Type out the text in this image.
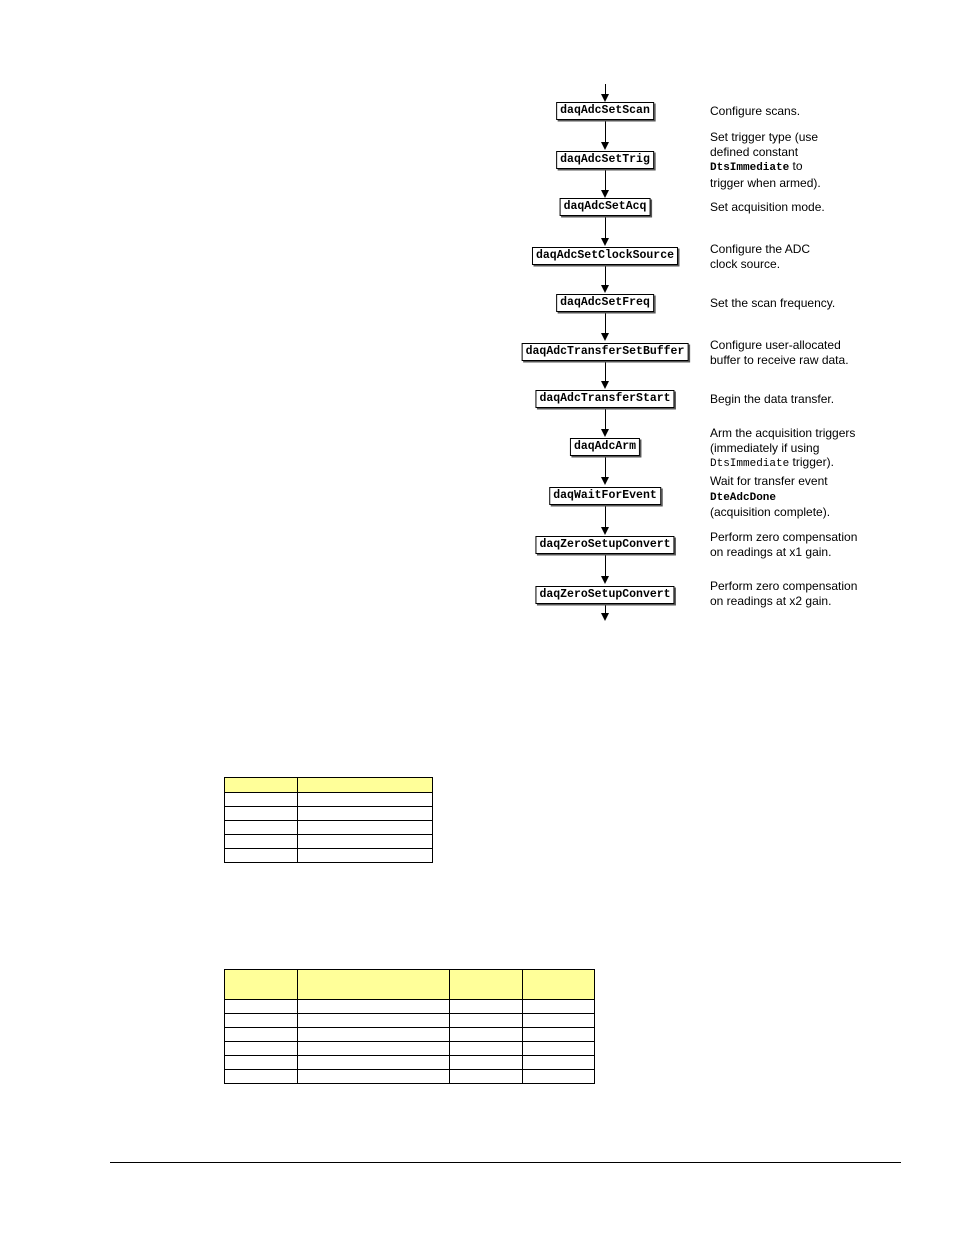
daqAdcSetScan
daqAdcSetTrig
daqAdcSetAcq
daqAdcSetClockSource
daqAdcSetFreq
daqAdcTransferSetBuffer
daqAdcTransferStart
daqAdcArm
daqWaitForEvent
daqZeroSetupConvert
daqZeroSetupConvert
Configure scans.
Set trigger type (use
defined constant
DtsImmediate to
trigger when armed).
Set acquisition mode.
Configure the ADC
clock source.
Set the scan frequency.
Configure user-allocated
buffer to receive raw data.
Begin the data transfer.
Arm the acquisition triggers
(immediately if using
DtsImmediate trigger).
Wait for transfer event
DteAdcDone
(acquisition complete).
Perform zero compensation
on readings at x1 gain.
Perform zero compensation
on readings at x2 gain.
